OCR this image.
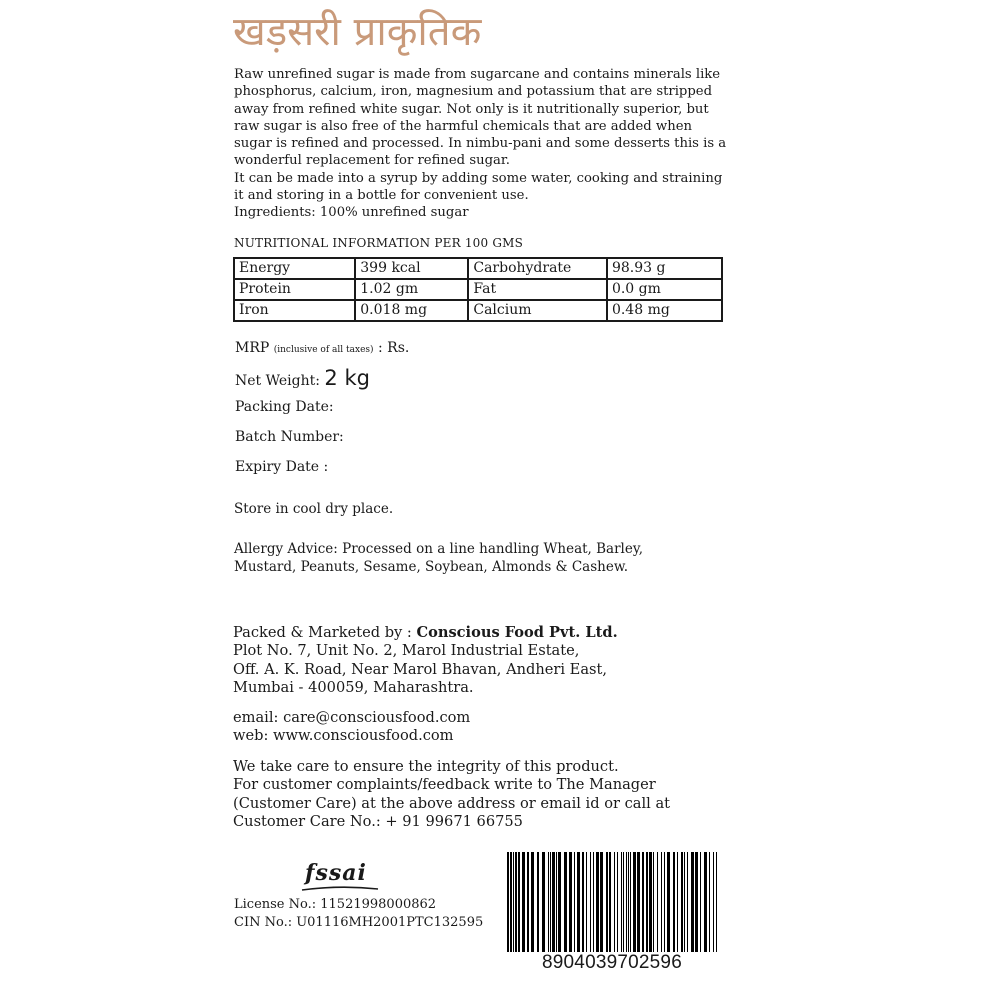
खड़सरी प्राकृतिक

Raw unrefined sugar is made from sugarcane and contains minerals like phosphorus, calcium, iron, magnesium and potassium that are stripped away from refined white sugar. Not only is it nutritionally superior, but raw sugar is also free of the harmful chemicals that are added when sugar is refined and processed. In nimbu-pani and some desserts this is a wonderful replacement for refined sugar.

It can be made into a syrup by adding some water, cooking and straining it and storing in a bottle for convenient use.

Ingredients: 100% unrefined sugar

NUTRITIONAL INFORMATION PER 100 GMS
Energy	399 kcal	Carbohydrate	98.93 g
Protein	1.02 gm	Fat	0.0 gm
Iron	0.018 mg	Calcium	0.48 mg
MRP (inclusive of all taxes) : Rs.
Net Weight: 2 kg
Packing Date:
Batch Number:
Expiry Date :
Store in cool dry place.

Allergy Advice: Processed on a line handling Wheat, Barley,

Mustard, Peanuts, Sesame, Soybean, Almonds & Cashew.

Packed & Marketed by : Conscious Food Pvt. Ltd.

Plot No. 7, Unit No. 2, Marol Industrial Estate,

Off. A. K. Road, Near Marol Bhavan, Andheri East,

Mumbai - 400059, Maharashtra.

email: care@consciousfood.com

web: www.consciousfood.com

We take care to ensure the integrity of this product.

For customer complaints/feedback write to The Manager

(Customer Care) at the above address or email id or call at

Customer Care No.: + 91 99671 66755

fssai

License No.: 11521998000862

CIN No.: U01116MH2001PTC132595

8904039702596
